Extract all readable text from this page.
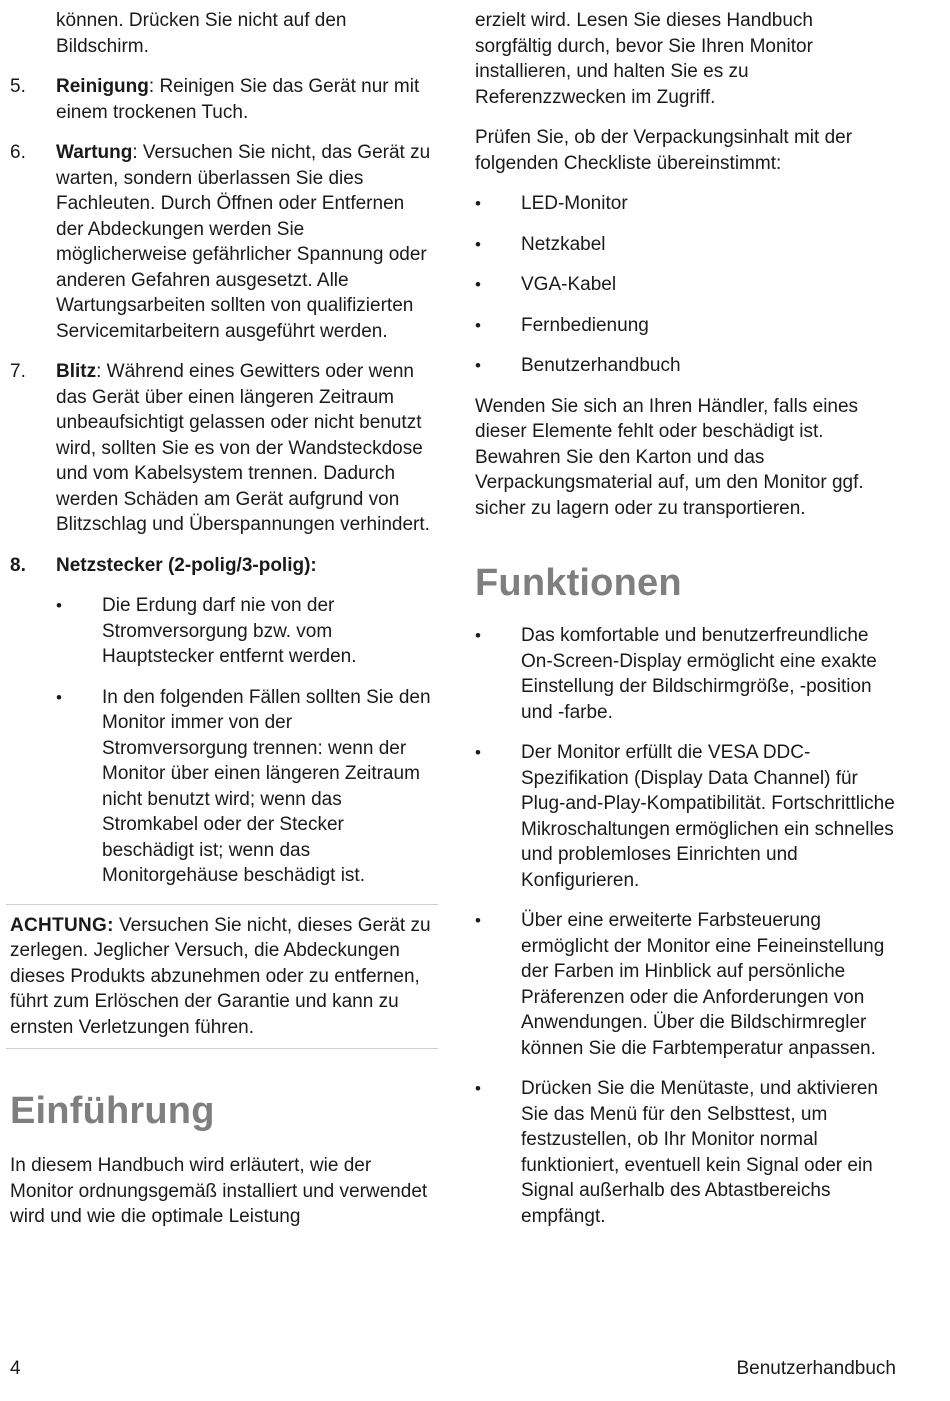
können. Drücken Sie nicht auf den Bildschirm.
5.	Reinigung: Reinigen Sie das Gerät nur mit einem trockenen Tuch.
6.	Wartung: Versuchen Sie nicht, das Gerät zu warten, sondern überlassen Sie dies Fachleuten. Durch Öffnen oder Entfernen der Abdeckungen werden Sie möglicherweise gefährlicher Spannung oder anderen Gefahren ausgesetzt. Alle Wartungsarbeiten sollten von qualifizierten Servicemitarbeitern ausgeführt werden.
7.	Blitz: Während eines Gewitters oder wenn das Gerät über einen längeren Zeitraum unbeaufsichtigt gelassen oder nicht benutzt wird, sollten Sie es von der Wandsteckdose und vom Kabelsystem trennen. Dadurch werden Schäden am Gerät aufgrund von Blitzschlag und Überspannungen verhindert.
8.	Netzstecker (2-polig/3-polig):
•	Die Erdung darf nie von der Stromversorgung bzw. vom Hauptstecker entfernt werden.
•	In den folgenden Fällen sollten Sie den Monitor immer von der Stromversorgung trennen: wenn der Monitor über einen längeren Zeitraum nicht benutzt wird; wenn das Stromkabel oder der Stecker beschädigt ist; wenn das Monitorgehäuse beschädigt ist.
ACHTUNG: Versuchen Sie nicht, dieses Gerät zu zerlegen. Jeglicher Versuch, die Abdeckungen dieses Produkts abzunehmen oder zu entfernen, führt zum Erlöschen der Garantie und kann zu ernsten Verletzungen führen.
Einführung

In diesem Handbuch wird erläutert, wie der Monitor ordnungsgemäß installiert und verwendet wird und wie die optimale Leistung

erzielt wird. Lesen Sie dieses Handbuch sorgfältig durch, bevor Sie Ihren Monitor installieren, und halten Sie es zu Referenzzwecken im Zugriff.

Prüfen Sie, ob der Verpackungsinhalt mit der folgenden Checkliste übereinstimmt:

•	LED-Monitor
•	Netzkabel
•	VGA-Kabel
•	Fernbedienung
•	Benutzerhandbuch

Wenden Sie sich an Ihren Händler, falls eines dieser Elemente fehlt oder beschädigt ist. Bewahren Sie den Karton und das Verpackungsmaterial auf, um den Monitor ggf. sicher zu lagern oder zu transportieren.

Funktionen
•	Das komfortable und benutzerfreundliche On-Screen-Display ermöglicht eine exakte Einstellung der Bildschirmgröße, -position und -farbe.
•	Der Monitor erfüllt die VESA DDC-Spezifikation (Display Data Channel) für Plug-and-Play-Kompatibilität. Fortschrittliche Mikroschaltungen ermöglichen ein schnelles und problemloses Einrichten und Konfigurieren.
•	Über eine erweiterte Farbsteuerung ermöglicht der Monitor eine Feineinstellung der Farben im Hinblick auf persönliche Präferenzen oder die Anforderungen von Anwendungen. Über die Bildschirmregler können Sie die Farbtemperatur anpassen.
•	Drücken Sie die Menütaste, und aktivieren Sie das Menü für den Selbsttest, um festzustellen, ob Ihr Monitor normal funktioniert, eventuell kein Signal oder ein Signal außerhalb des Abtastbereichs empfängt.
4	Benutzerhandbuch
